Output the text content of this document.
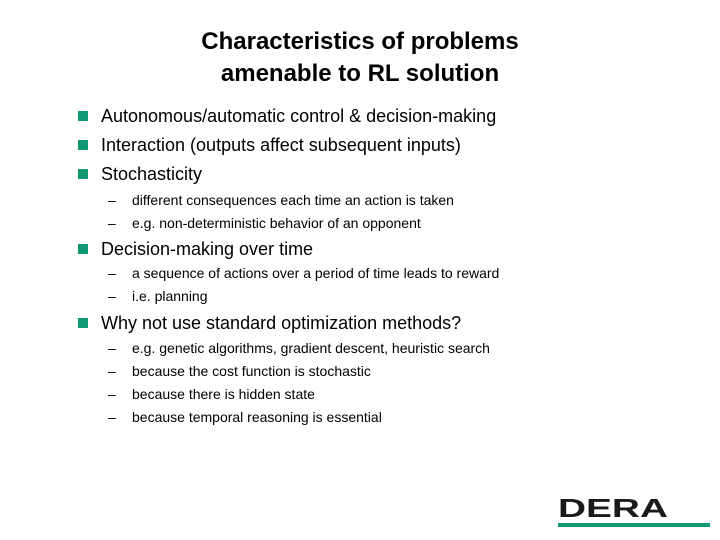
Characteristics of problems
amenable to RL solution
Autonomous/automatic control & decision-making
Interaction (outputs affect subsequent inputs)
Stochasticity
–	different consequences each time an action is taken
–	e.g. non-deterministic behavior of an opponent
Decision-making over time
–	a sequence of actions over a period of time leads to reward
–	i.e. planning
Why not use standard optimization methods?
–	e.g. genetic algorithms, gradient descent, heuristic search
–	because the cost function is stochastic
–	because there is hidden state
–	because temporal reasoning is essential
DERA
